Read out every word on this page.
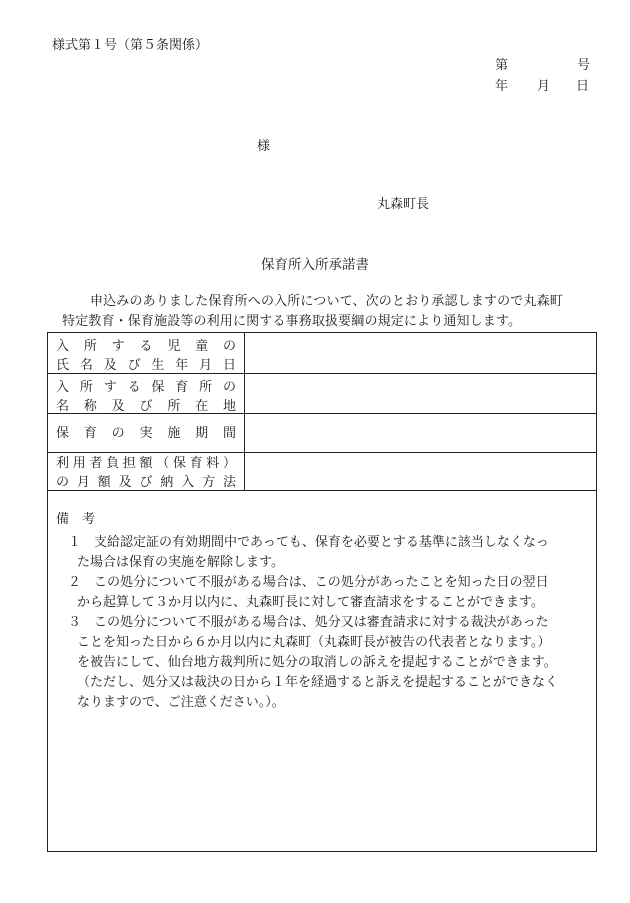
様式第１号（第５条関係）
第	号
年 月 日
様
丸森町長
保育所入所承諾書
申込みのありました保育所への入所について、次のとおり承認しますので丸森町
特定教育・保育施設等の利用に関する事務取扱要綱の規定により通知します。
入所する児童の
氏名及び生年月日
入所する保育所の
名称及び所在地
保育の実施期間
利用者負担額（保育料）
の月額及び納入方法
備　考
１　支給認定証の有効期間中であっても、保育を必要とする基準に該当しなくなっ
た場合は保育の実施を解除します。
２　この処分について不服がある場合は、この処分があったことを知った日の翌日
から起算して３か月以内に、丸森町長に対して審査請求をすることができます。
３　この処分について不服がある場合は、処分又は審査請求に対する裁決があった
ことを知った日から６か月以内に丸森町（丸森町長が被告の代表者となります。）
を被告にして、仙台地方裁判所に処分の取消しの訴えを提起することができます。
（ただし、処分又は裁決の日から１年を経過すると訴えを提起することができなく
なりますので、ご注意ください。）。
